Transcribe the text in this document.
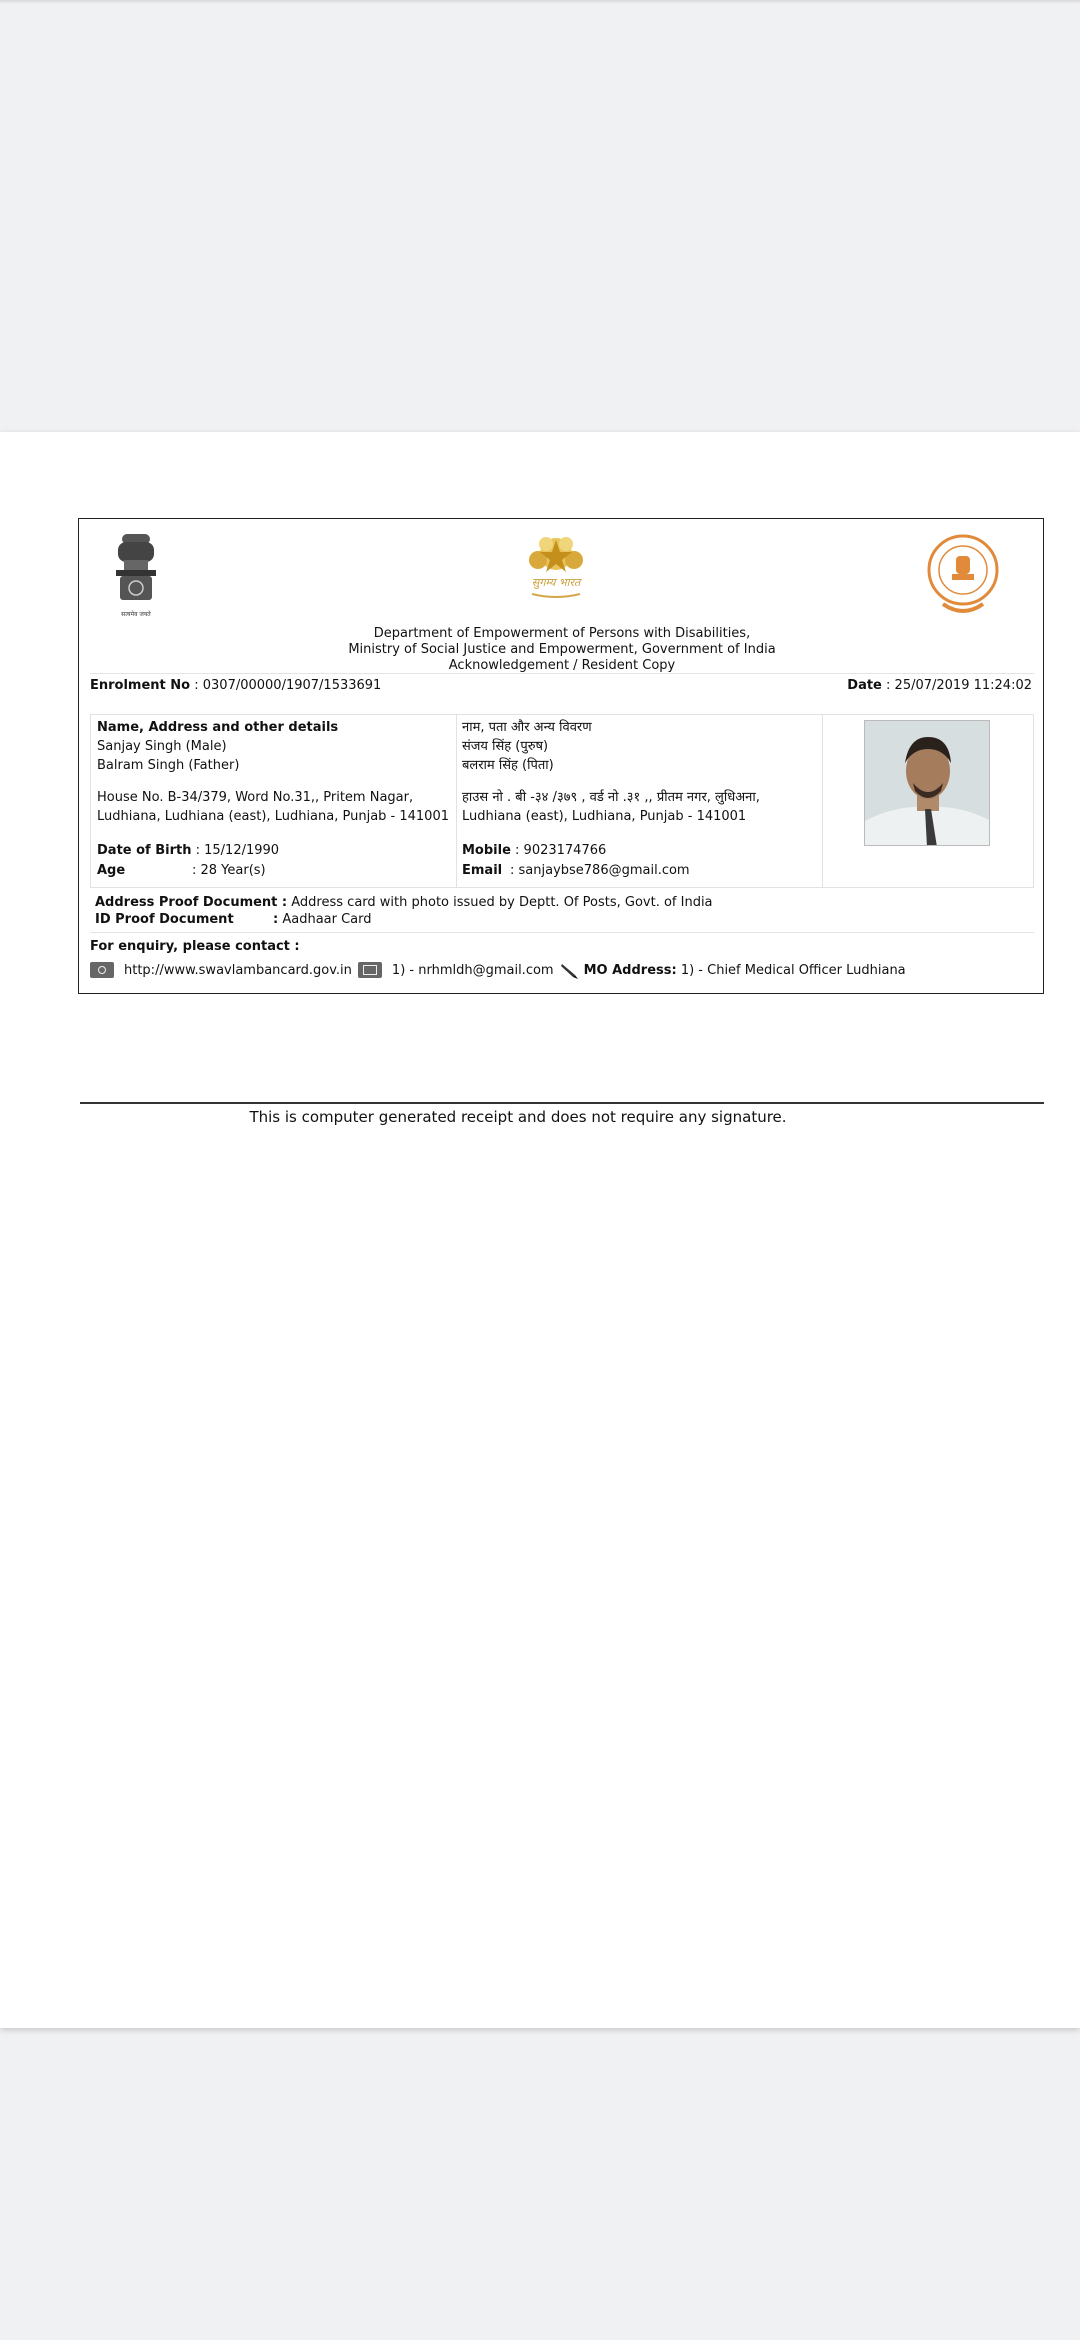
सत्यमेव जयते
सुगम्य भारत
Department of Empowerment of Persons with Disabilities,
Ministry of Social Justice and Empowerment, Government of India
Acknowledgement / Resident Copy
Enrolment No : 0307/00000/1907/1533691	Date : 25/07/2019 11:24:02
Name, Address and other details
Sanjay Singh (Male)
Balram Singh (Father)
House No. B-34/379, Word No.31,, Pritem Nagar,
Ludhiana, Ludhiana (east), Ludhiana, Punjab - 141001
Date of Birth : 15/12/1990
Age	: 28 Year(s)
नाम, पता और अन्य विवरण
संजय सिंह (पुरुष)
बलराम सिंह (पिता)
हाउस नो . बी -३४ /३७९ , वर्ड नो .३१ ,, प्रीतम नगर, लुधिअना,
Ludhiana (east), Ludhiana, Punjab - 141001
Mobile : 9023174766
Email : sanjaybse786@gmail.com
Address Proof Document : Address card with photo issued by Deptt. Of Posts, Govt. of India
ID Proof Document	: Aadhaar Card
For enquiry, please contact :
http://www.swavlambancard.gov.in	1) - nrhmldh@gmail.com MO Address:
1) - Chief Medical Officer Ludhiana
This is computer generated receipt and does not require any signature.
